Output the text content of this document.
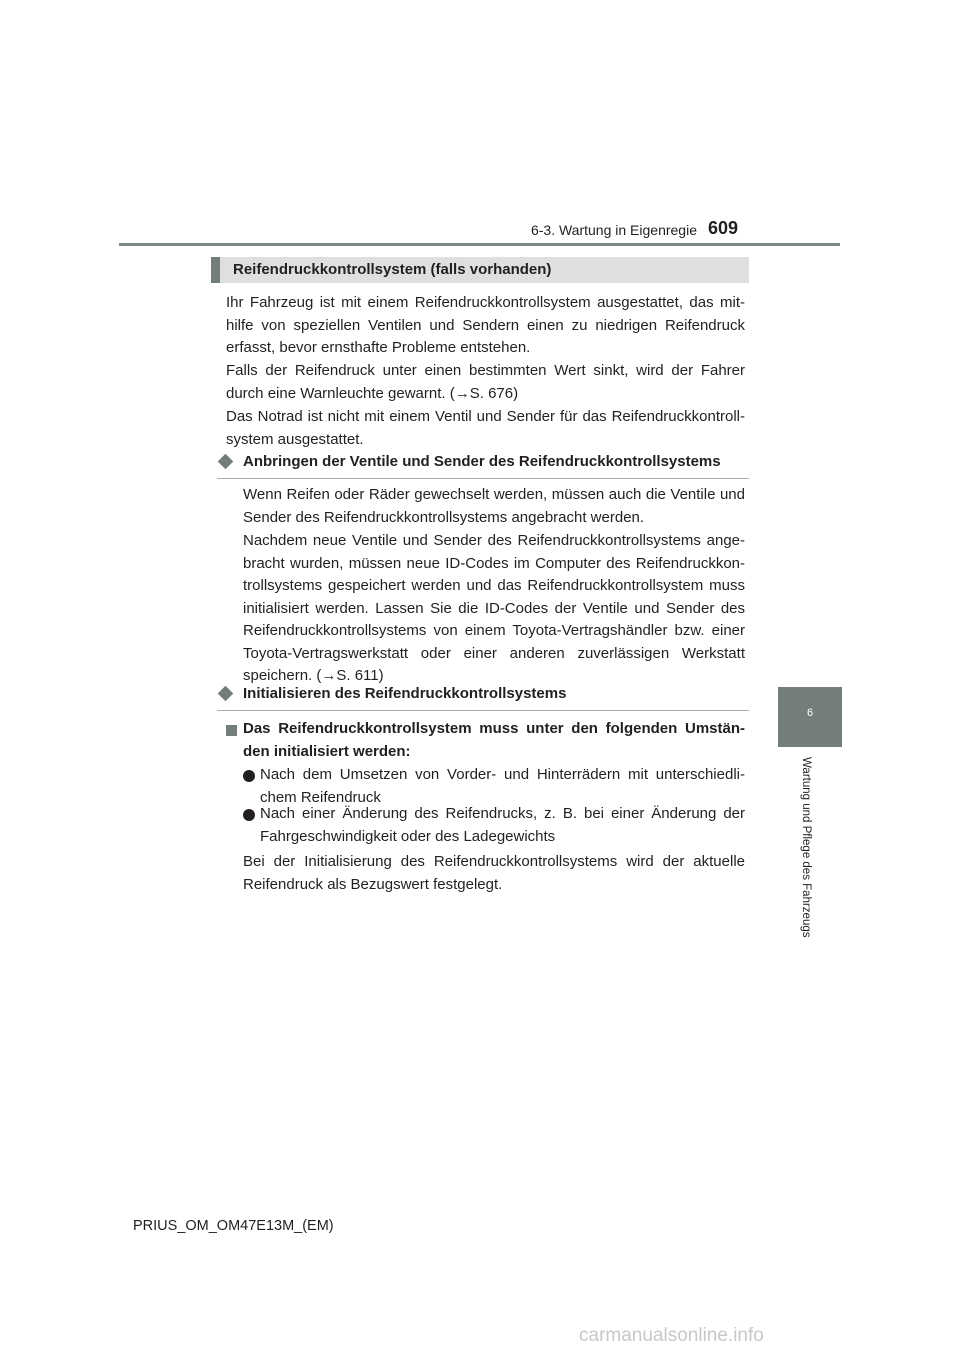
6-3. Wartung in Eigenregie 609
6
Wartung und Pflege des Fahrzeugs
Reifendruckkontrollsystem (falls vorhanden)
Ihr Fahrzeug ist mit einem Reifendruckkontrollsystem ausgestattet, das mithilfe von speziellen Ventilen und Sendern einen zu niedrigen Reifendruck erfasst, bevor ernsthafte Probleme entstehen.
Falls der Reifendruck unter einen bestimmten Wert sinkt, wird der Fahrer durch eine Warnleuchte gewarnt. (→S. 676)
Das Notrad ist nicht mit einem Ventil und Sender für das Reifendruckkontrollsystem ausgestattet.
Anbringen der Ventile und Sender des Reifendruckkontrollsystems
Wenn Reifen oder Räder gewechselt werden, müssen auch die Ventile und Sender des Reifendruckkontrollsystems angebracht werden.
Nachdem neue Ventile und Sender des Reifendruckkontrollsystems angebracht wurden, müssen neue ID-Codes im Computer des Reifendruckkontrollsystems gespeichert werden und das Reifendruckkontrollsystem muss initialisiert werden. Lassen Sie die ID-Codes der Ventile und Sender des Reifendruckkontrollsystems von einem Toyota-Vertragshändler bzw. einer Toyota-Vertragswerkstatt oder einer anderen zuverlässigen Werkstatt speichern. (→S. 611)
Initialisieren des Reifendruckkontrollsystems
Das Reifendruckkontrollsystem muss unter den folgenden Umständen initialisiert werden:
Nach dem Umsetzen von Vorder- und Hinterrädern mit unterschiedlichem Reifendruck
Nach einer Änderung des Reifendrucks, z. B. bei einer Änderung der Fahrgeschwindigkeit oder des Ladegewichts
Bei der Initialisierung des Reifendruckkontrollsystems wird der aktuelle Reifendruck als Bezugswert festgelegt.
PRIUS_OM_OM47E13M_(EM)
carmanualsonline.info
